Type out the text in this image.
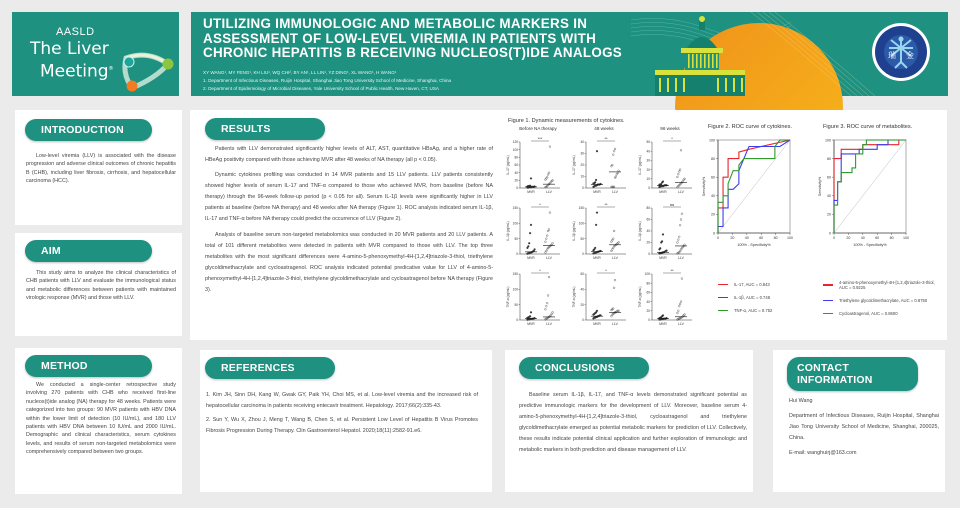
AASLD
The Liver
Meeting®
UTILIZING IMMUNOLOGIC AND METABOLIC MARKERS IN ASSESSMENT OF LOW-LEVEL VIREMIA IN PATIENTS WITH CHRONIC HEPATITIS B RECEIVING NUCLEOS(T)IDE ANALOGS
XY WANG¹, MY FENG¹, KH LIU¹, WQ CHI², BY AN¹, LL LIN¹, YZ DING¹, XL WANG¹, H WANG¹
1. Department of Infectious Diseases, Ruijin Hospital, Shanghai Jiao Tong University School of Medicine, Shanghai, China
2. Department of Epidemiology of Microbial Diseases, Yale University School of Public Health, New Haven, CT, USA
瑞 金
INTRODUCTION

Low-level viremia (LLV) is associated with the disease progression and adverse clinical outcomes of chronic hepatitis B (CHB), including liver fibrosis, cirrhosis, and hepatocellular carcinoma (HCC).

AIM

This study aims to analyze the clinical characteristics of CHB patients with LLV and evaluate the immunological status and metabolic differences between patients with maintained virologic response (MVR) and those with LLV.

METHOD

We conducted a single-center retrospective study involving 270 patients with CHB who received first-line nucleos(t)ide analog (NA) therapy for 48 weeks. Patients were categorized into two groups: 90 MVR patients with HBV DNA within the lower limit of detection (10 IU/mL), and 180 LLV patients with HBV DNA between 10 IU/mL and 2000 IU/mL. Demographic and clinical characteristics, serum cytokines levels, and results of serum non-targeted metabolomics were comprehensively compared between two groups.

RESULTS

Patients with LLV demonstrated significantly higher levels of ALT, AST, quantitative HBsAg, and a higher rate of HBeAg positivity compared with those achieving MVR after 48 weeks of NA therapy (all p < 0.05).

Dynamic cytokines profiling was conducted in 14 MVR patients and 15 LLV patients. LLV patients consistently showed higher levels of serum IL-17 and TNF-α compared to those who achieved MVR, from baseline (before NA therapy) through the 96-week follow-up period (p < 0.05 for all). Serum IL-1β levels were significantly higher in LLV patients at baseline (before NA therapy) and 48 weeks after NA therapy (Figure 1). ROC analysis indicated serum IL-1β, IL-17 and TNF-α before NA therapy could predict the occurrence of LLV (Figure 2).

Analysis of baseline serum non-targeted metabolomics was conducted in 20 MVR patients and 20 LLV patients. A total of 101 different metabolites were detected in patients with MVR compared to those with LLV. The top three metabolites with the most significant differences were 4-amino-5-phenoxymethyl-4H-[1,2,4]triazole-3-thiol, triethylene glycoldimethacrylate and cycloastragenol. ROC analysis indicated potential predicative value for LLV of 4-amino-5-phenoxymethyl-4H-[1,2,4]triazole-3-thiol, triethylene glycoldimethacrylate and cycloastragenol before NA therapy (Figure 3).

Figure 1. Dynamic measurements of cytokines.
Before NA therapy	48 weeks	96 weeks
0
20
40
60
80
100
120
IL-17 (pg/mL)
MVR	LLV
***
0
10
20
30
40
IL-17 (pg/mL)
MVR	LLV
**
0
10
20
30
40
50
IL-17 (pg/mL)
MVR	LLV
*
0
50
100
150
IL-1β (pg/mL)
MVR	LLV
*
0
50
100
150
IL-1β (pg/mL)
MVR	LLV
**
0
20
40
60
80
IL-1β (pg/mL)
MVR	LLV
ns
0
50
100
150
TNF-α (pg/mL)
MVR	LLV
*
0
20
40
60
TNF-α (pg/mL)
MVR	LLV
*
0
20
40
60
80
100
TNF-α (pg/mL)
MVR	LLV
**
Figure 2. ROC curve of cytokines.
0
20
40
60
80
100
0	20	40	60	80	100
100% - Specificity%
Sensitivity%
Figure 3. ROC curve of metabolites.
0
20
40
60
80
100
0	20	40	60	80	100
100% - Specificity%
Sensitivity%
IL-17, AUC = 0.843
IL-1β, AUC = 0.748
TNF-α, AUC = 0.752
4-amino-5-phenoxymethyl-4H-[1,2,4]triazole-3-thiol, AUC = 0.9225
Triethylene glycoldimethacrylate, AUC = 0.8750
Cycloastragenol, AUC = 0.8600
REFERENCES
1. Kim JH, Sinn DH, Kang W, Gwak GY, Paik YH, Choi MS, et al. Low-level viremia and the increased risk of hepatocellular carcinoma in patients receiving entecavir treatment. Hepatology. 2017;66(2):335-43.
2. Sun Y, Wu X, Zhou J, Meng T, Wang B, Chen S, et al. Persistent Low Level of Hepatitis B Virus Promotes Fibrosis Progression During Therapy. Clin Gastroenterol Hepatol. 2020;18(11):2582-91.e6.
CONCLUSIONS

Baseline serum IL-1β, IL-17, and TNF-α levels demonstrated significant potential as predictive immunologic markers for the development of LLV. Moreover, baseline serum 4-amino-5-phenoxymethyl-4H-[1,2,4]triazole-3-thiol, cycloastragenol and triethylene glycoldimethacrylate emerged as potential metabolic markers for prediction of LLV. Collectively, these results indicate potential clinical application and further exploration of immunologic and metabolic markers in both prediction and disease management of LLV.

CONTACT INFORMATION
Hui Wang
Department of Infectious Diseases, Ruijin Hospital, Shanghai Jiao Tong University School of Medicine, Shanghai, 200025, China.
E-mail: wanghuirj@163.com
